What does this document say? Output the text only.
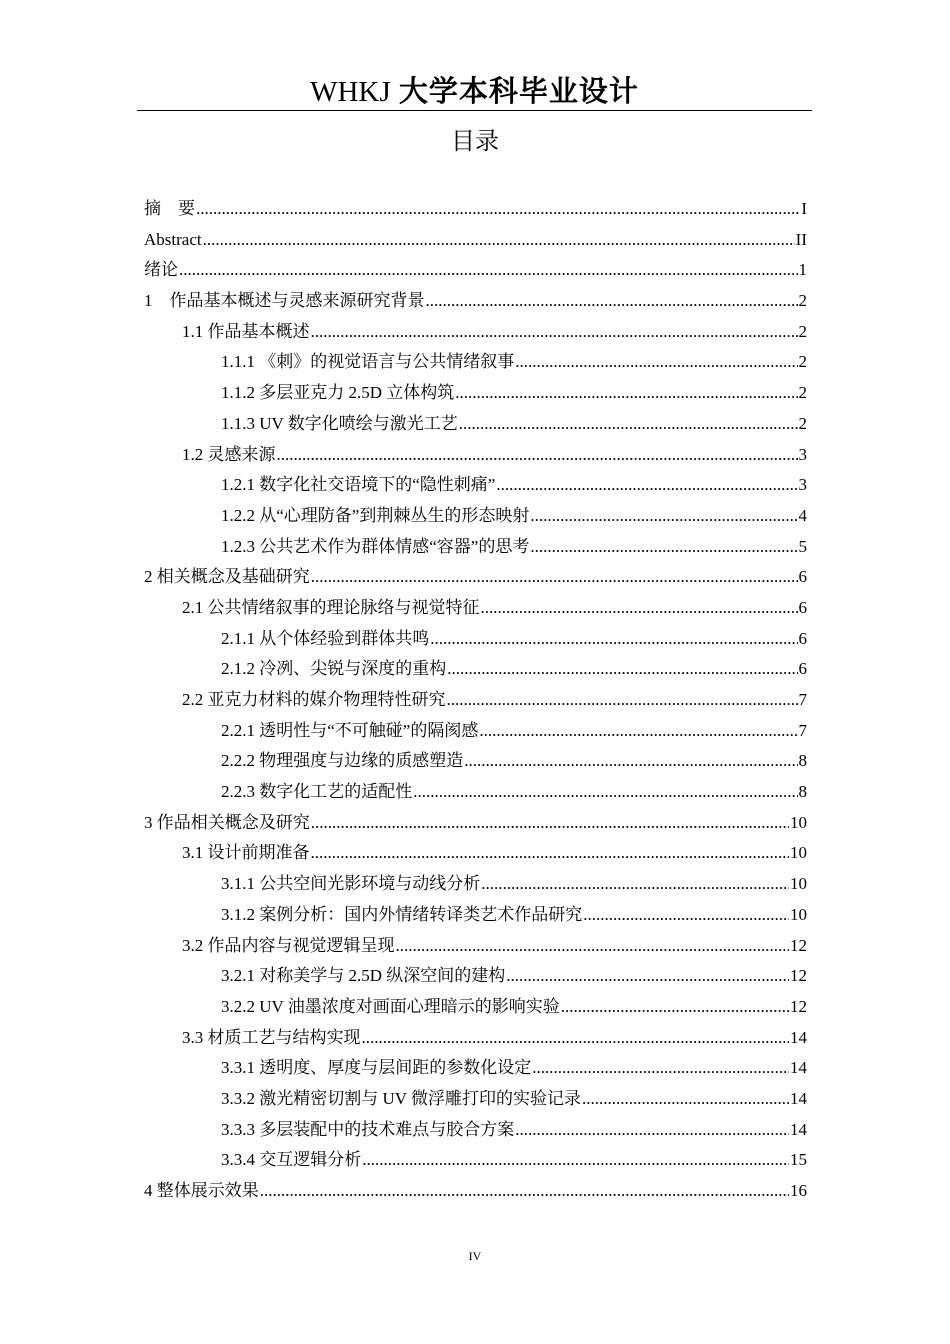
WHKJ 大学本科毕业设计
目录
摘　要 .....	I
Abstract .....	II
绪论 .....	1
1　作品基本概述与灵感来源研究背景 .....	2
1.1 作品基本概述 .....	2
1.1.1 《刺》的视觉语言与公共情绪叙事 .....	2
1.1.2 多层亚克力 2.5D 立体构筑 .....	2
1.1.3 UV 数字化喷绘与激光工艺 .....	2
1.2 灵感来源 .....	3
1.2.1 数字化社交语境下的“隐性刺痛” .....	3
1.2.2 从“心理防备”到荆棘丛生的形态映射 .....	4
1.2.3 公共艺术作为群体情感“容器”的思考 .....	5
2 相关概念及基础研究 .....	6
2.1 公共情绪叙事的理论脉络与视觉特征 .....	6
2.1.1 从个体经验到群体共鸣 .....	6
2.1.2 冷冽、尖锐与深度的重构 .....	6
2.2 亚克力材料的媒介物理特性研究 .....	7
2.2.1 透明性与“不可触碰”的隔阂感 .....	7
2.2.2 物理强度与边缘的质感塑造 .....	8
2.2.3 数字化工艺的适配性 .....	8
3 作品相关概念及研究 .....	10
3.1 设计前期准备 .....	10
3.1.1 公共空间光影环境与动线分析 .....	10
3.1.2 案例分析：国内外情绪转译类艺术作品研究 .....	10
3.2 作品内容与视觉逻辑呈现 .....	12
3.2.1 对称美学与 2.5D 纵深空间的建构 .....	12
3.2.2 UV 油墨浓度对画面心理暗示的影响实验 .....	12
3.3 材质工艺与结构实现 .....	14
3.3.1 透明度、厚度与层间距的参数化设定 .....	14
3.3.2 激光精密切割与 UV 微浮雕打印的实验记录 .....	14
3.3.3 多层装配中的技术难点与胶合方案 .....	14
3.3.4 交互逻辑分析 .....	15
4 整体展示效果 .....	16
IV
